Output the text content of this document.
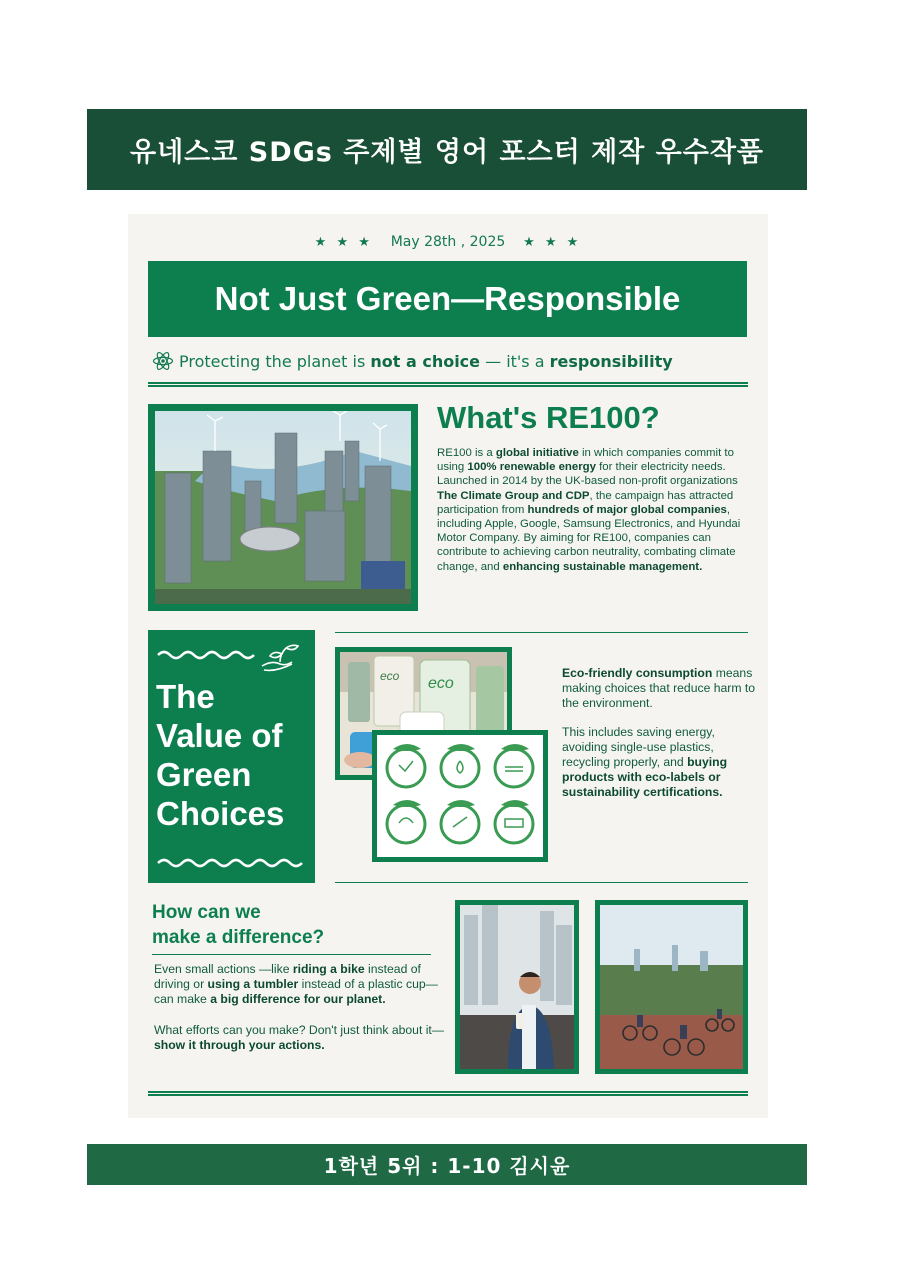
유네스코 SDGs 주제별 영어 포스터 제작 우수작품
★ ★ ★ May 28th , 2025 ★ ★ ★
Not Just Green—Responsible
Protecting the planet is not a choice — it's a responsibility
What's RE100?
RE100 is a global initiative in which companies commit to using 100% renewable energy for their electricity needs. Launched in 2014 by the UK-based non-profit organizations The Climate Group and CDP, the campaign has attracted participation from hundreds of major global companies, including Apple, Google, Samsung Electronics, and Hyundai Motor Company. By aiming for RE100, companies can contribute to achieving carbon neutrality, combating climate change, and enhancing sustainable management.
The
Value of
Green
Choices
eco eco
Eco-friendly consumption means making choices that reduce harm to the environment.
This includes saving energy, avoiding single-use plastics, recycling properly, and buying products with eco-labels or sustainability certifications.
How can we
make a difference?
Even small actions —like riding a bike instead of driving or using a tumbler instead of a plastic cup— can make a big difference for our planet.
What efforts can you make? Don't just think about it—show it through your actions.
1학년 5위 : 1-10 김시윤
